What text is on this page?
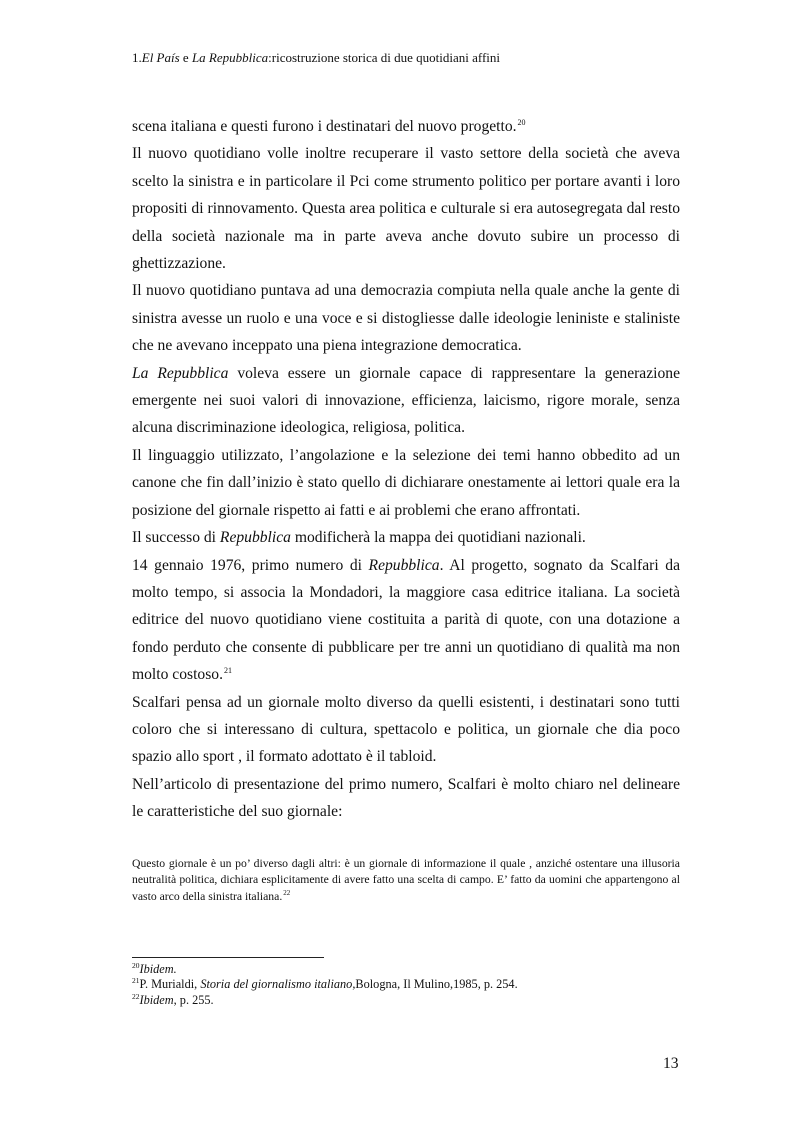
1.El País e La Repubblica:ricostruzione storica di due quotidiani affini

scena italiana e questi furono i destinatari del nuovo progetto.$^{20}$

Il nuovo quotidiano volle inoltre recuperare il vasto settore della società che aveva scelto la sinistra e in particolare il Pci come strumento politico per portare avanti i loro propositi di rinnovamento. Questa area politica e culturale si era autosegregata dal resto della società nazionale ma in parte aveva anche dovuto subire un processo di ghettizzazione.

Il nuovo quotidiano puntava ad una democrazia compiuta nella quale anche la gente di sinistra avesse un ruolo e una voce e si distogliesse dalle ideologie leniniste e staliniste che ne avevano inceppato una piena integrazione democratica.

La Repubblica voleva essere un giornale capace di rappresentare la generazione emergente nei suoi valori di innovazione, efficienza, laicismo, rigore morale, senza alcuna discriminazione ideologica, religiosa, politica.

Il linguaggio utilizzato, l’angolazione e la selezione dei temi hanno obbedito ad un canone che fin dall’inizio è stato quello di dichiarare onestamente ai lettori quale era la posizione del giornale rispetto ai fatti e ai problemi che erano affrontati.

Il successo di Repubblica modificherà la mappa dei quotidiani nazionali.

14 gennaio 1976, primo numero di Repubblica. Al progetto, sognato da Scalfari da molto tempo, si associa la Mondadori, la maggiore casa editrice italiana. La società editrice del nuovo quotidiano viene costituita a parità di quote, con una dotazione a fondo perduto che consente di pubblicare per tre anni un quotidiano di qualità ma non molto costoso.$^{21}$

Scalfari pensa ad un giornale molto diverso da quelli esistenti, i destinatari sono tutti coloro che si interessano di cultura, spettacolo e politica, un giornale che dia poco spazio allo sport , il formato adottato è il tabloid.

Nell’articolo di presentazione del primo numero, Scalfari è molto chiaro nel delineare le caratteristiche del suo giornale:

Questo giornale è un po’ diverso dagli altri: è un giornale di informazione il quale , anziché ostentare una illusoria neutralità politica, dichiara esplicitamente di avere fatto una scelta di campo. E’ fatto da uomini che appartengono al vasto arco della sinistra italiana.$^{22}$
$^{20}$Ibidem.
$^{21}$P. Murialdi, Storia del giornalismo italiano,Bologna, Il Mulino,1985, p. 254.
$^{22}$Ibidem, p. 255.
13
